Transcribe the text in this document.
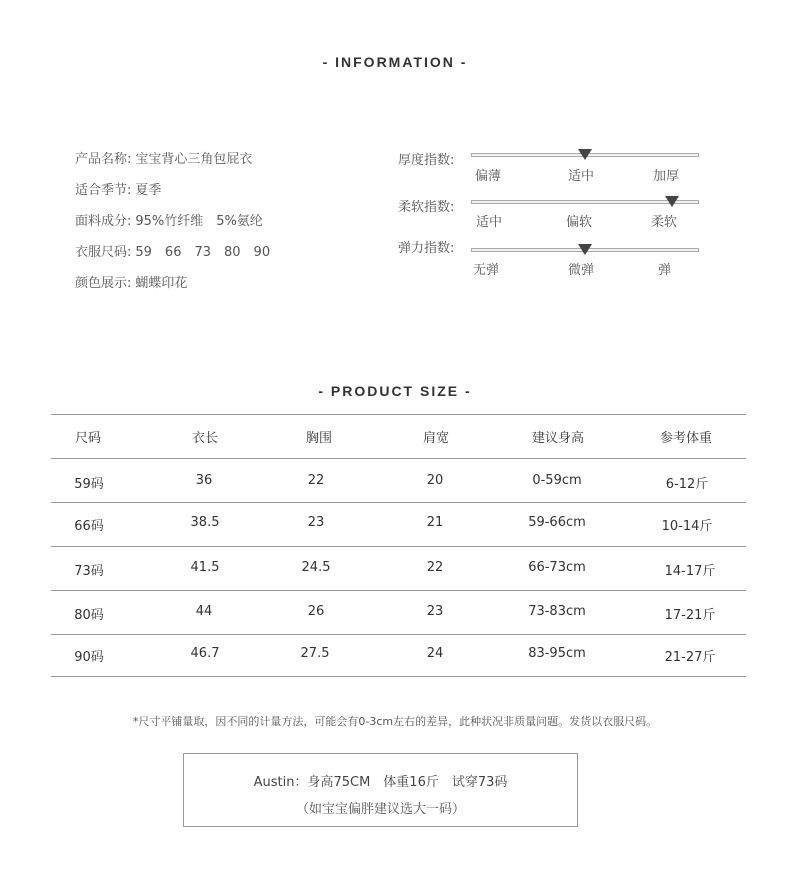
- INFORMATION -
产品名称: 宝宝背心三角包屁衣
适合季节: 夏季
面料成分: 95%竹纤维　5%氨纶
衣服尺码: 59　66　73　80　90
颜色展示: 蝴蝶印花
厚度指数:
偏薄	适中	加厚
柔软指数:
适中	偏软	柔软
弹力指数:
无弹	微弹	弹
- PRODUCT SIZE -
尺码	衣长	胸围	肩宽	建议身高	参考体重
59码	36	22	20	0-59cm	6-12斤
66码	38.5	23	21	59-66cm	10-14斤
73码	41.5	24.5	22	66-73cm	14-17斤
80码	44	26	23	73-83cm	17-21斤
90码	46.7	27.5	24	83-95cm	21-27斤
*尺寸平铺量取，因不同的计量方法，可能会有0-3cm左右的差异，此种状况非质量问题。发货以衣服尺码。
Austin：身高75CM　体重16斤　试穿73码
（如宝宝偏胖建议选大一码）
